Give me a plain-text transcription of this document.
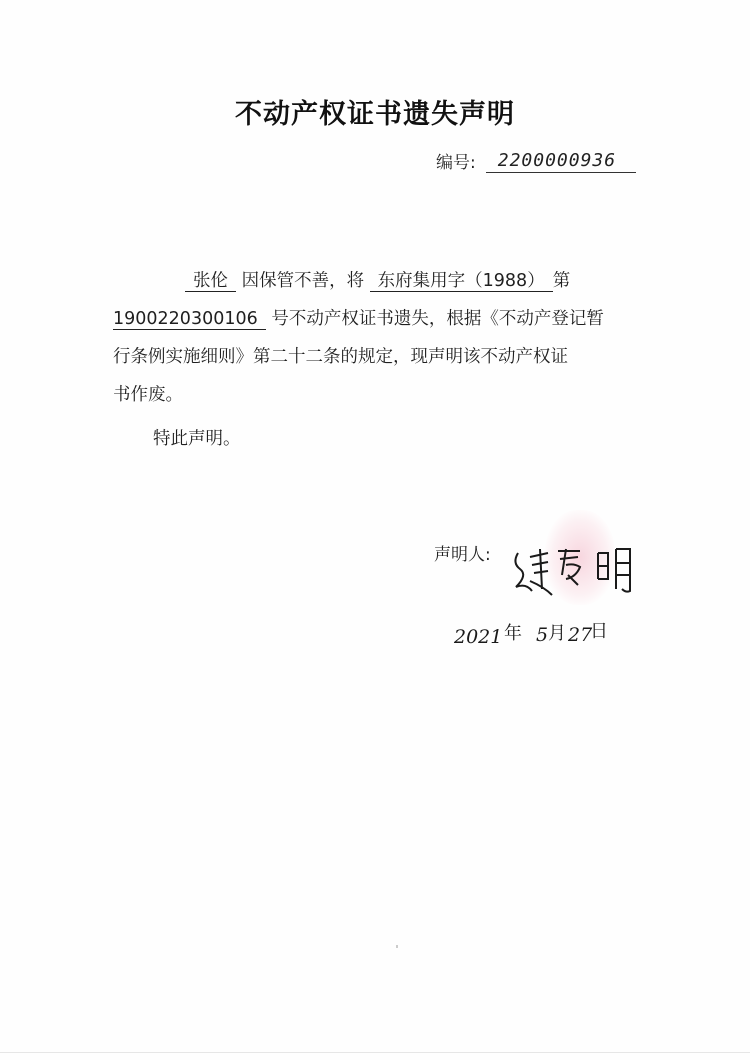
不动产权证书遗失声明
编号:	2200000936
张伦 因保管不善，将 东府集用字（1988） 第
1900220300106 号不动产权证书遗失，根据《不动产登记暂
行条例实施细则》第二十二条的规定，现声明该不动产权证
书作废。
特此声明。
声明人:
2021 年 5 月 27
日
